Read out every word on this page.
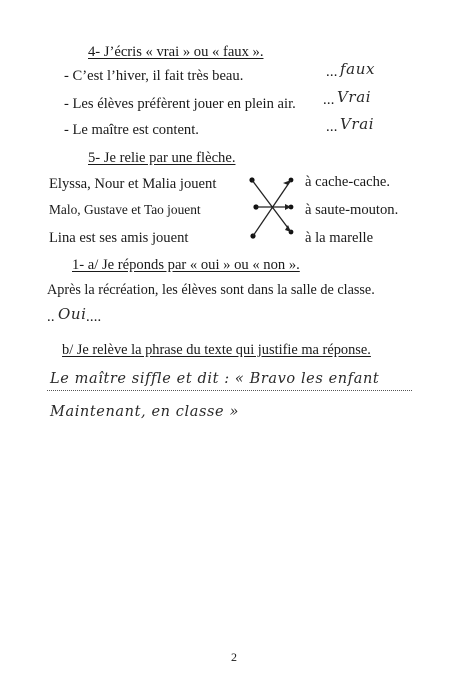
4- J’écris « vrai » ou « faux ».
- C’est l’hiver, il fait très beau.	... faux
- Les élèves préfèrent jouer en plein air. ... Vrai
- Le maître est content.	... Vrai
5- Je relie par une flèche.
Elyssa, Nour et Malia jouent
Malo, Gustave et Tao jouent
Lina est ses amis jouent
à cache-cache.
à saute-mouton.
à la marelle
1- a/ Je réponds par « oui » ou « non ».
Après la récréation, les élèves sont dans la salle de classe.
.. Oui ....
b/ Je relève la phrase du texte qui justifie ma réponse.
Le maître siffle et dit : « Bravo les enfant
Maintenant, en classe »
2
